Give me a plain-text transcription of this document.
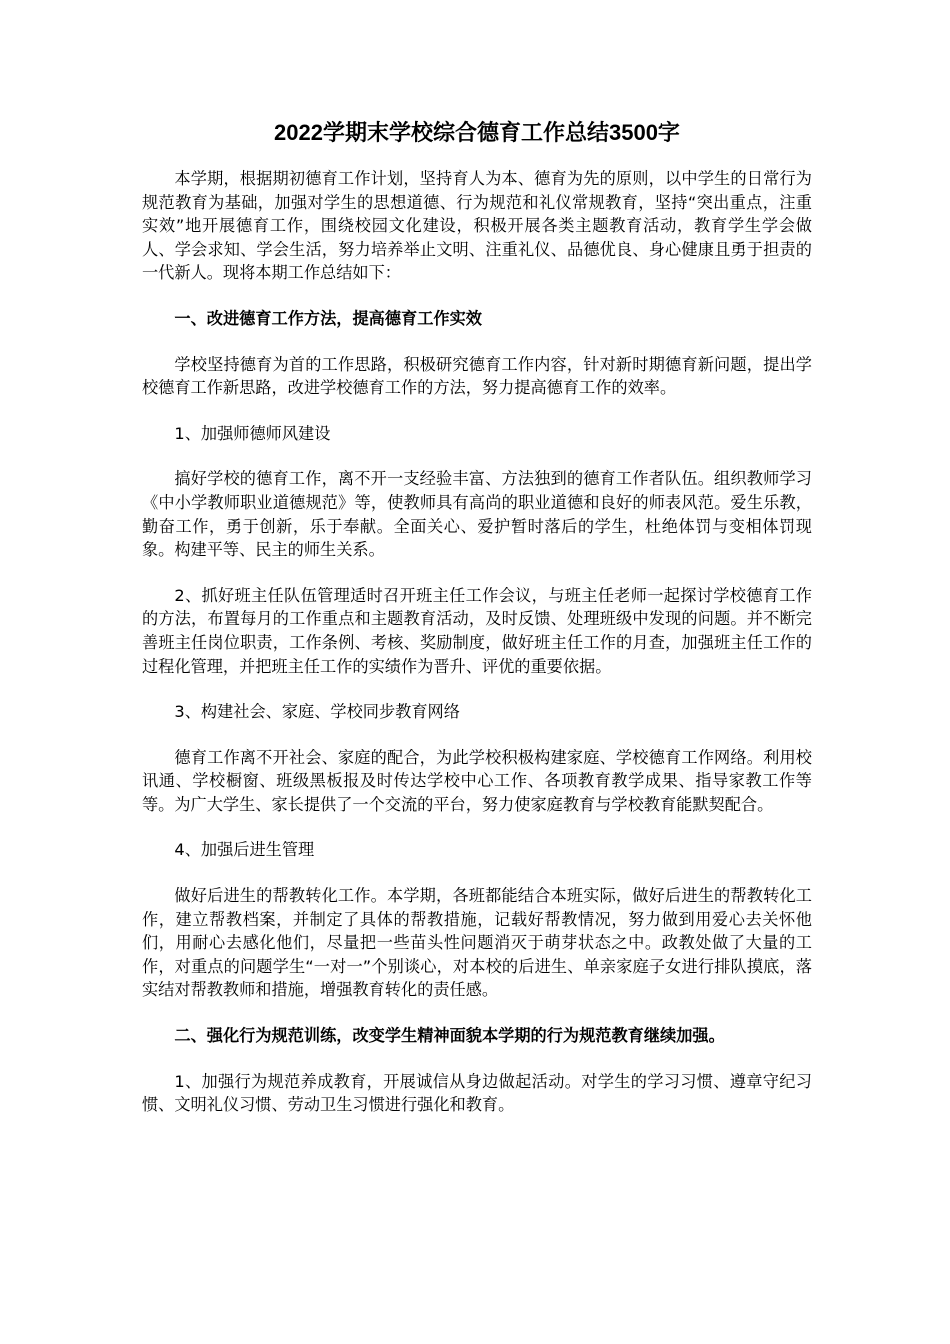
2022学期末学校综合德育工作总结3500字

本学期，根据期初德育工作计划，坚持育人为本、德育为先的原则，以中学生的日常行为规范教育为基础，加强对学生的思想道德、行为规范和礼仪常规教育，坚持“突出重点，注重实效”地开展德育工作，围绕校园文化建设，积极开展各类主题教育活动，教育学生学会做人、学会求知、学会生活，努力培养举止文明、注重礼仪、品德优良、身心健康且勇于担责的一代新人。现将本期工作总结如下：

一、改进德育工作方法，提高德育工作实效

学校坚持德育为首的工作思路，积极研究德育工作内容，针对新时期德育新问题，提出学校德育工作新思路，改进学校德育工作的方法，努力提高德育工作的效率。

1、加强师德师风建设

搞好学校的德育工作，离不开一支经验丰富、方法独到的德育工作者队伍。组织教师学习《中小学教师职业道德规范》等，使教师具有高尚的职业道德和良好的师表风范。爱生乐教，勤奋工作，勇于创新，乐于奉献。全面关心、爱护暂时落后的学生，杜绝体罚与变相体罚现象。构建平等、民主的师生关系。

2、抓好班主任队伍管理适时召开班主任工作会议，与班主任老师一起探讨学校德育工作的方法，布置每月的工作重点和主题教育活动，及时反馈、处理班级中发现的问题。并不断完善班主任岗位职责，工作条例、考核、奖励制度，做好班主任工作的月查，加强班主任工作的过程化管理，并把班主任工作的实绩作为晋升、评优的重要依据。

3、构建社会、家庭、学校同步教育网络

德育工作离不开社会、家庭的配合，为此学校积极构建家庭、学校德育工作网络。利用校讯通、学校橱窗、班级黑板报及时传达学校中心工作、各项教育教学成果、指导家教工作等等。为广大学生、家长提供了一个交流的平台，努力使家庭教育与学校教育能默契配合。

4、加强后进生管理

做好后进生的帮教转化工作。本学期，各班都能结合本班实际，做好后进生的帮教转化工作，建立帮教档案，并制定了具体的帮教措施，记载好帮教情况，努力做到用爱心去关怀他们，用耐心去感化他们，尽量把一些苗头性问题消灭于萌芽状态之中。政教处做了大量的工作，对重点的问题学生“一对一”个别谈心，对本校的后进生、单亲家庭子女进行排队摸底，落实结对帮教教师和措施，增强教育转化的责任感。

二、强化行为规范训练，改变学生精神面貌本学期的行为规范教育继续加强。

1、加强行为规范养成教育，开展诚信从身边做起活动。对学生的学习习惯、遵章守纪习惯、文明礼仪习惯、劳动卫生习惯进行强化和教育。
